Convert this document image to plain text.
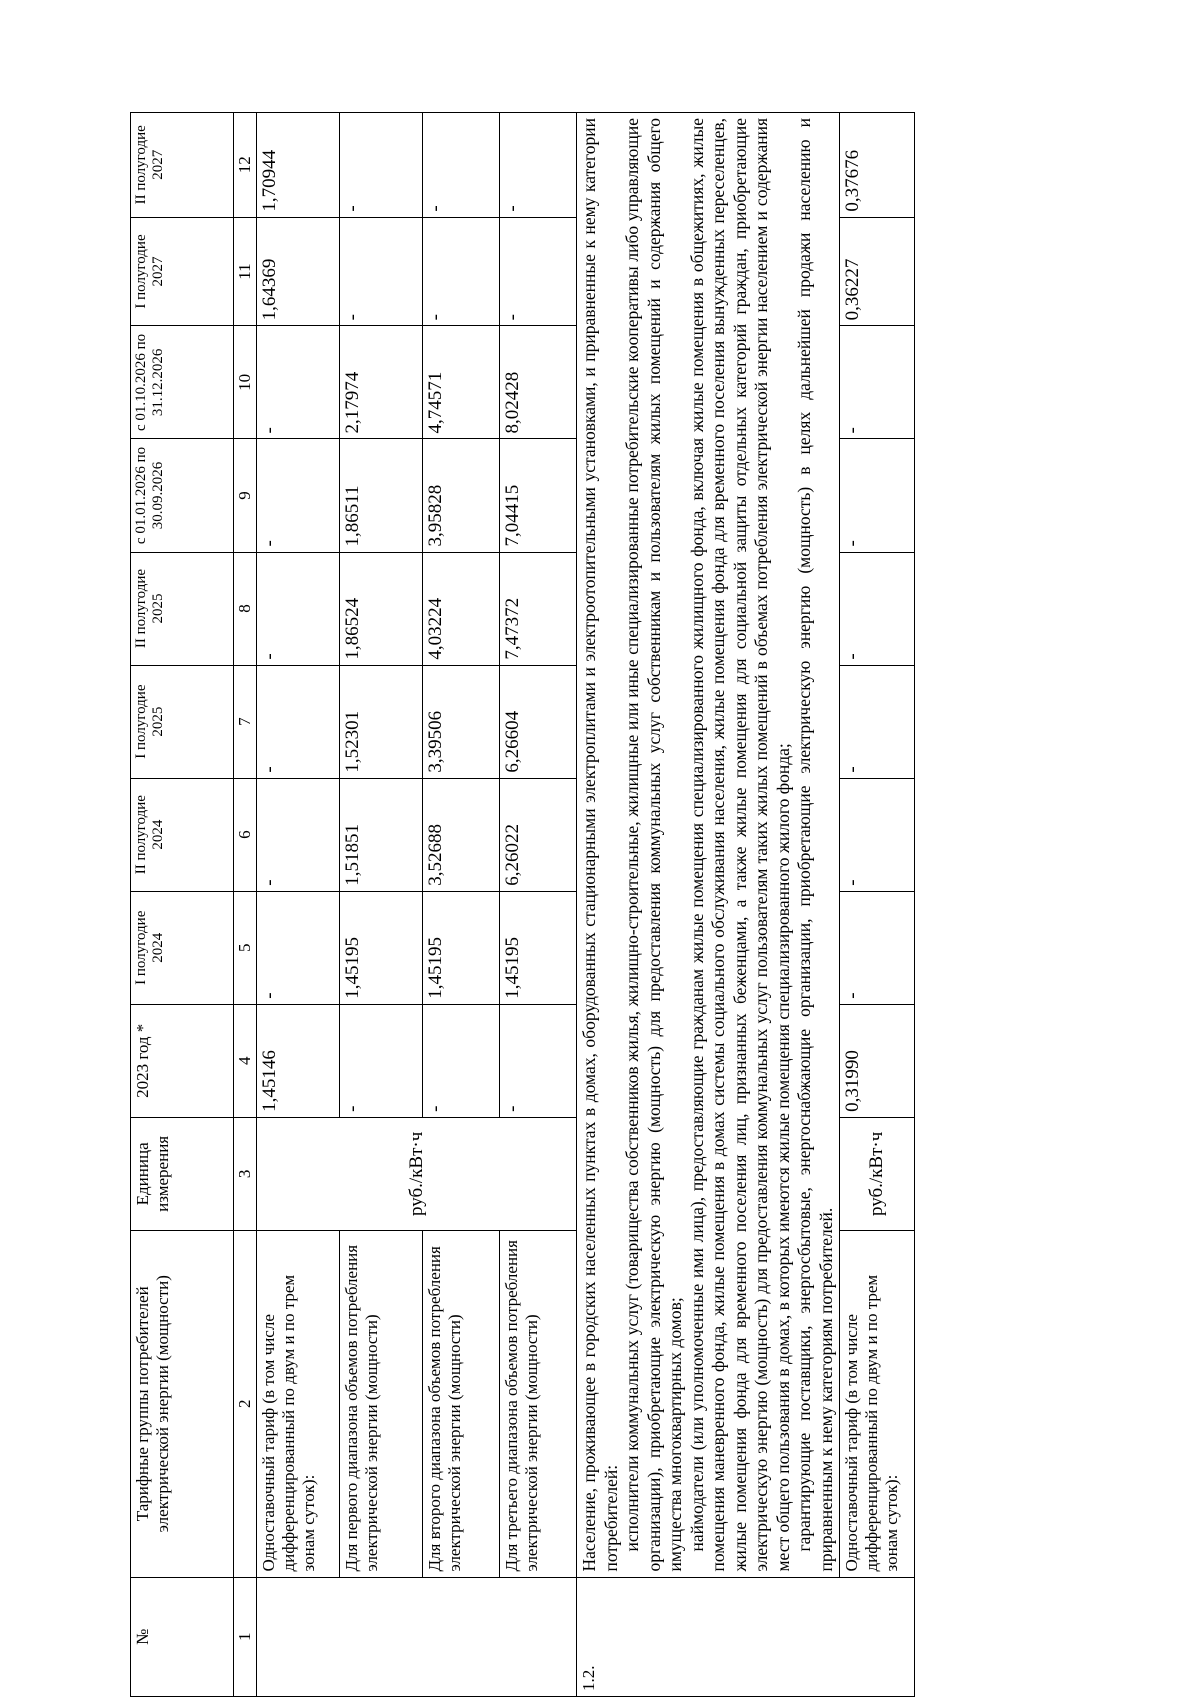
№	Тарифные группы потребителей электрической энергии (мощности)	Единица измерения	2023 год *	I полугодие 2024	II полугодие 2024	I полугодие 2025	II полугодие 2025	с 01.01.2026 по 30.09.2026	с 01.10.2026 по 31.12.2026	I полугодие 2027	II полугодие 2027
1	2	3	4	5	6	7	8	9	10	11	12
	Одноставочный тариф (в том числе дифференцированный по двум и по трем зонам суток):	руб./кВт·ч	1,45146	-	-	-	-	-	-	1,64369	1,70944
	Для первого диапазона объемов потребления электрической энергии (мощности)		-	1,45195	1,51851	1,52301	1,86524	1,86511	2,17974	-	-
	Для второго диапазона объемов потребления электрической энергии (мощности)		-	1,45195	3,52688	3,39506	4,03224	3,95828	4,74571	-	-
	Для третьего диапазона объемов потребления электрической энергии (мощности)		-	1,45195	6,26022	6,26604	7,47372	7,04415	8,02428	-	-
1.2.	Население, проживающее в городских населенных пунктах в домах, оборудованных стационарными электроплитами и электроотопительными установками, и приравненные к нему категории потребителей: исполнители коммунальных услуг (товарищества собственников жилья, жилищно-строительные, жилищные или иные специализированные потребительские кооперативы либо управляющие организации), приобретающие электрическую энергию (мощность) для предоставления коммунальных услуг собственникам и пользователям жилых помещений и содержания общего имущества многоквартирных домов; наймодатели (или уполномоченные ими лица), предоставляющие гражданам жилые помещения специализированного жилищного фонда, включая жилые помещения в общежитиях, жилые помещения маневренного фонда, жилые помещения в домах системы социального обслуживания населения, жилые помещения фонда для временного поселения вынужденных переселенцев, жилые помещения фонда для временного поселения лиц, признанных беженцами, а также жилые помещения для социальной защиты отдельных категорий граждан, приобретающие электрическую энергию (мощность) для предоставления коммунальных услуг пользователям таких жилых помещений в объемах потребления электрической энергии населением и содержания мест общего пользования в домах, в которых имеются жилые помещения специализированного жилого фонда; гарантирующие поставщики, энергосбытовые, энергоснабжающие организации, приобретающие электрическую энергию (мощность) в целях дальнейшей продажи населению и приравненным к нему категориям потребителей.										

	Одноставочный тариф (в том числе дифференцированный по двум и по трем зонам суток):	руб./кВт·ч	0,31990	-	-	-	-	-	-	0,36227	0,37676
